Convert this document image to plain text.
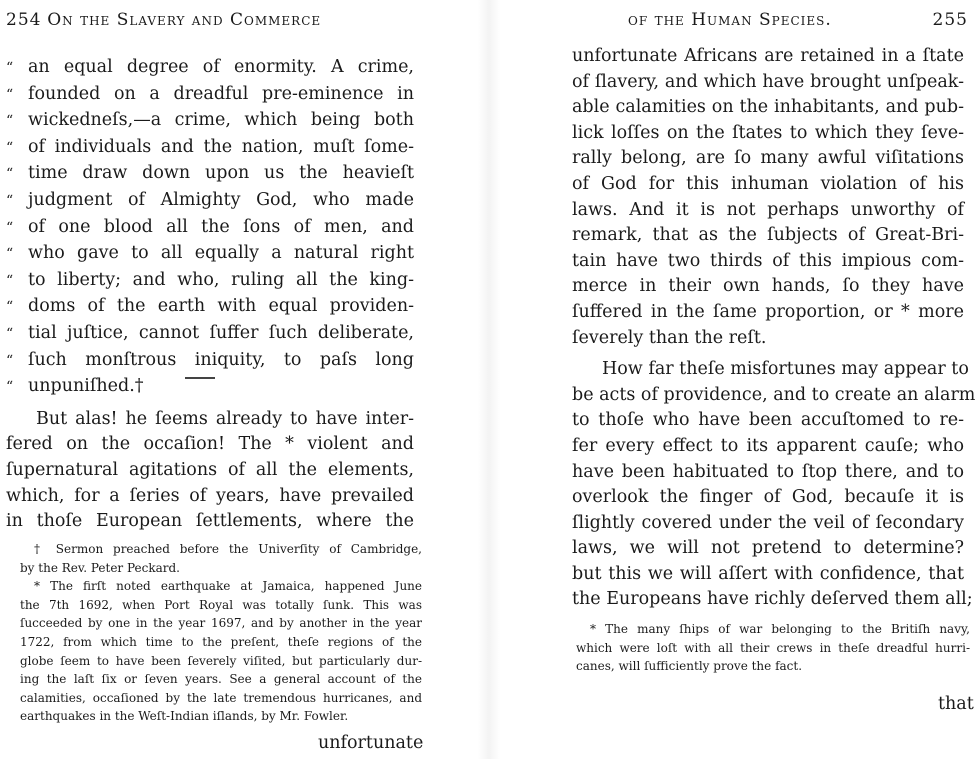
254 On the Slavery and Commerce
“ an equal degree of enormity. A crime,
“ founded on a dreadful pre-eminence in
“ wickedneſs,—a crime, which being both
“ of individuals and the nation, muſt ſome-
“ time draw down upon us the heavieſt
“ judgment of Almighty God, who made
“ of one blood all the ſons of men, and
“ who gave to all equally a natural right
“ to liberty; and who, ruling all the king-
“ doms of the earth with equal providen-
“ tial juſtice, cannot ſuffer ſuch deliberate,
“ ſuch monſtrous iniquity, to paſs long
“ unpuniſhed.†
But alas! he ſeems already to have inter-
fered on the occaſion! The * violent and
ſupernatural agitations of all the elements,
which, for a ſeries of years, have prevailed
in thoſe European ſettlements, where the
† Sermon preached before the Univerſity of Cambridge,
by the Rev. Peter Peckard.
* The firſt noted earthquake at Jamaica, happened June
the 7th 1692, when Port Royal was totally ſunk. This was
ſucceeded by one in the year 1697, and by another in the year
1722, from which time to the preſent, theſe regions of the
globe ſeem to have been ſeverely viſited, but particularly dur-
ing the laſt ſix or ſeven years. See a general account of the
calamities, occaſioned by the late tremendous hurricanes, and
earthquakes in the Weſt-Indian iſlands, by Mr. Fowler.
unfortunate
of the Human Species.	255
unfortunate Africans are retained in a ſtate
of ſlavery, and which have brought unſpeak-
able calamities on the inhabitants, and pub-
lick loſſes on the ſtates to which they ſeve-
rally belong, are ſo many awful viſitations
of God for this inhuman violation of his
laws. And it is not perhaps unworthy of
remark, that as the ſubjects of Great-Bri-
tain have two thirds of this impious com-
merce in their own hands, ſo they have
ſuffered in the ſame proportion, or * more
ſeverely than the reſt.
How far theſe misfortunes may appear to
be acts of providence, and to create an alarm
to thoſe who have been accuſtomed to re-
fer every effect to its apparent cauſe; who
have been habituated to ſtop there, and to
overlook the finger of God, becauſe it is
ſlightly covered under the veil of ſecondary
laws, we will not pretend to determine?
but this we will aſſert with confidence, that
the Europeans have richly deſerved them all;
* The many ſhips of war belonging to the Britiſh navy,
which were loſt with all their crews in theſe dreadful hurri-
canes, will ſufficiently prove the fact.
that
